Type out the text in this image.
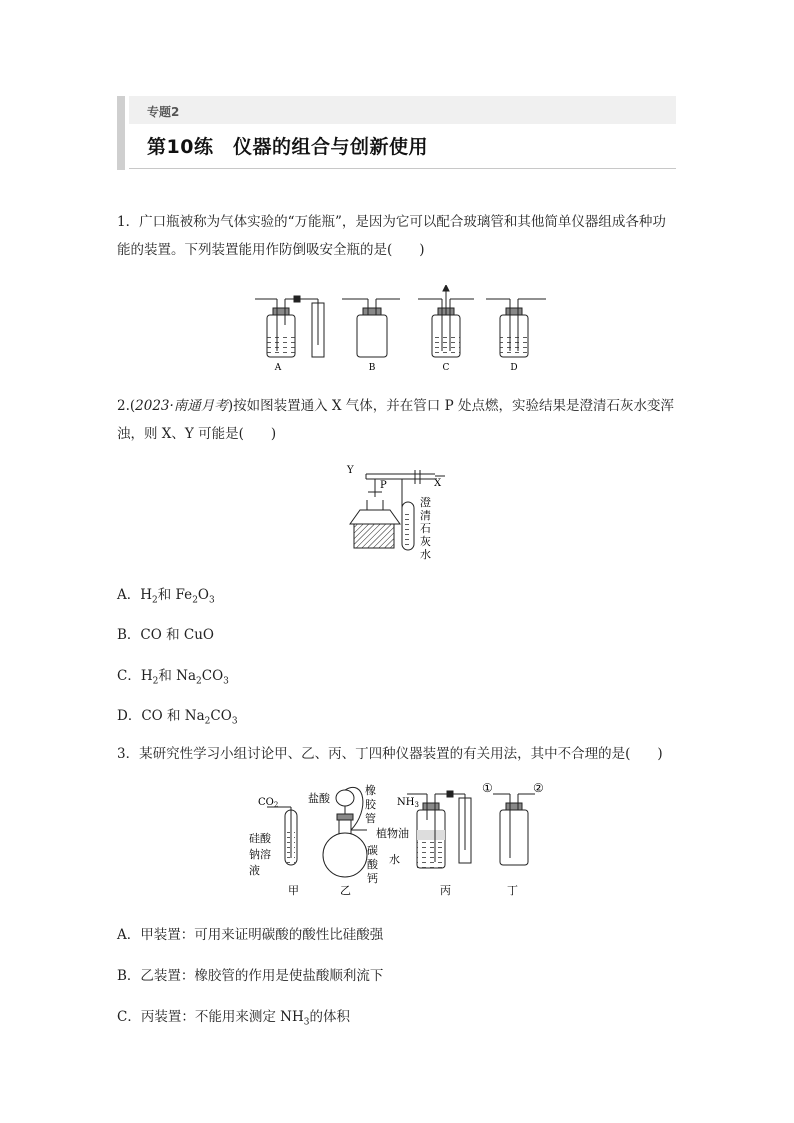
专题2
第10练　仪器的组合与创新使用
1．广口瓶被称为气体实验的“万能瓶”，是因为它可以配合玻璃管和其他简单仪器组成各种功能的装置。下列装置能用作防倒吸安全瓶的是(　　)
A	B	C	D
2.(2023·南通月考)按如图装置通入 X 气体，并在管口 P 处点燃，实验结果是澄清石灰水变浑浊，则 X、Y 可能是(　　)
Y
P	X
澄
清
石
灰
水
A．$H_2$和 $Fe_2O_3$
B．CO 和 CuO
C．$H_2$和 $Na_2CO_3$
D．CO 和 $Na_2CO_3$
3．某研究性学习小组讨论甲、乙、丙、丁四种仪器装置的有关用法，其中不合理的是(　　)
$CO_2$
硅酸
钠溶
液
盐酸
橡
胶
管
碳
酸
钙
$NH_3$
植物油
水
①	②
甲	乙	丙	丁
A．甲装置：可用来证明碳酸的酸性比硅酸强
B．乙装置：橡胶管的作用是使盐酸顺利流下
C．丙装置：不能用来测定 $NH_3$的体积
